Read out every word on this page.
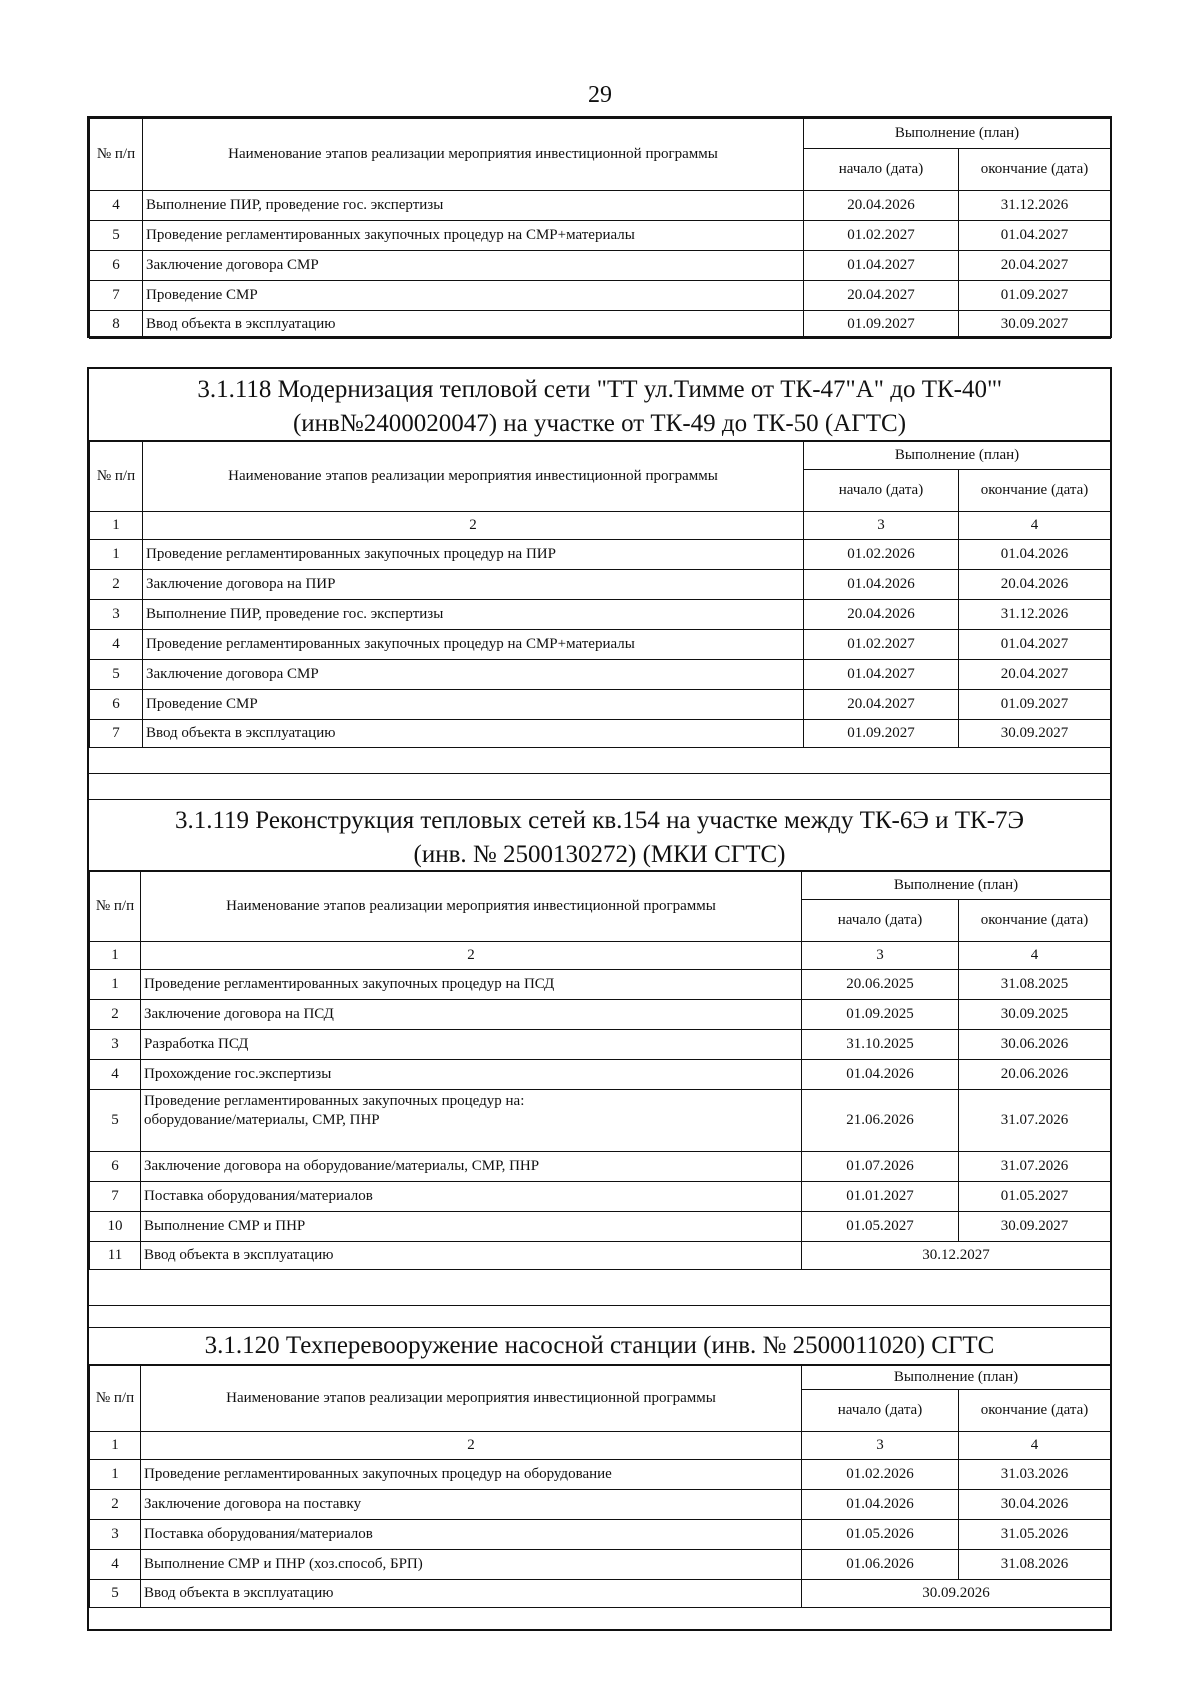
29
№ п/п	Наименование этапов реализации мероприятия инвестиционной программы	Выполнение (план)	
		начало (дата)	окончание (дата)
4	Выполнение ПИР, проведение гос. экспертизы	20.04.2026	31.12.2026
5	Проведение регламентированных закупочных процедур на СМР+материалы	01.02.2027	01.04.2027
6	Заключение договора СМР	01.04.2027	20.04.2027
7	Проведение СМР	20.04.2027	01.09.2027
8	Ввод объекта в эксплуатацию	01.09.2027	30.09.2027
3.1.118 Модернизация тепловой сети "ТТ ул.Тимме от ТК-47"А" до ТК-40"' (инв№2400020047) на участке от ТК-49 до ТК-50 (АГТС)
№ п/п	Наименование этапов реализации мероприятия инвестиционной программы	Выполнение (план)	
		начало (дата)	окончание (дата)
1	2	3	4
1	Проведение регламентированных закупочных процедур на ПИР	01.02.2026	01.04.2026
2	Заключение договора на ПИР	01.04.2026	20.04.2026
3	Выполнение ПИР, проведение гос. экспертизы	20.04.2026	31.12.2026
4	Проведение регламентированных закупочных процедур на СМР+материалы	01.02.2027	01.04.2027
5	Заключение договора СМР	01.04.2027	20.04.2027
6	Проведение СМР	20.04.2027	01.09.2027
7	Ввод объекта в эксплуатацию	01.09.2027	30.09.2027
3.1.119 Реконструкция тепловых сетей кв.154 на участке между ТК-6Э и ТК-7Э (инв. № 2500130272) (МКИ СГТС)
№ п/п	Наименование этапов реализации мероприятия инвестиционной программы	Выполнение (план)	
		начало (дата)	окончание (дата)
1	2	3	4
1	Проведение регламентированных закупочных процедур на ПСД	20.06.2025	31.08.2025
2	Заключение договора на ПСД	01.09.2025	30.09.2025
3	Разработка ПСД	31.10.2025	30.06.2026
4	Прохождение гос.экспертизы	01.04.2026	20.06.2026
5	Проведение регламентированных закупочных процедур на:
оборудование/материалы, СМР, ПНР	21.06.2026	31.07.2026
6	Заключение договора на оборудование/материалы, СМР, ПНР	01.07.2026	31.07.2026
7	Поставка оборудования/материалов	01.01.2027	01.05.2027
10	Выполнение СМР и ПНР	01.05.2027	30.09.2027
11	Ввод объекта в эксплуатацию	30.12.2027	
3.1.120 Техперевооружение насосной станции (инв. № 2500011020) СГТС
№ п/п	Наименование этапов реализации мероприятия инвестиционной программы	Выполнение (план)	
		начало (дата)	окончание (дата)
1	2	3	4
1	Проведение регламентированных закупочных процедур на оборудование	01.02.2026	31.03.2026
2	Заключение договора на поставку	01.04.2026	30.04.2026
3	Поставка оборудования/материалов	01.05.2026	31.05.2026
4	Выполнение СМР и ПНР (хоз.способ, БРП)	01.06.2026	31.08.2026
5	Ввод объекта в эксплуатацию	30.09.2026	
